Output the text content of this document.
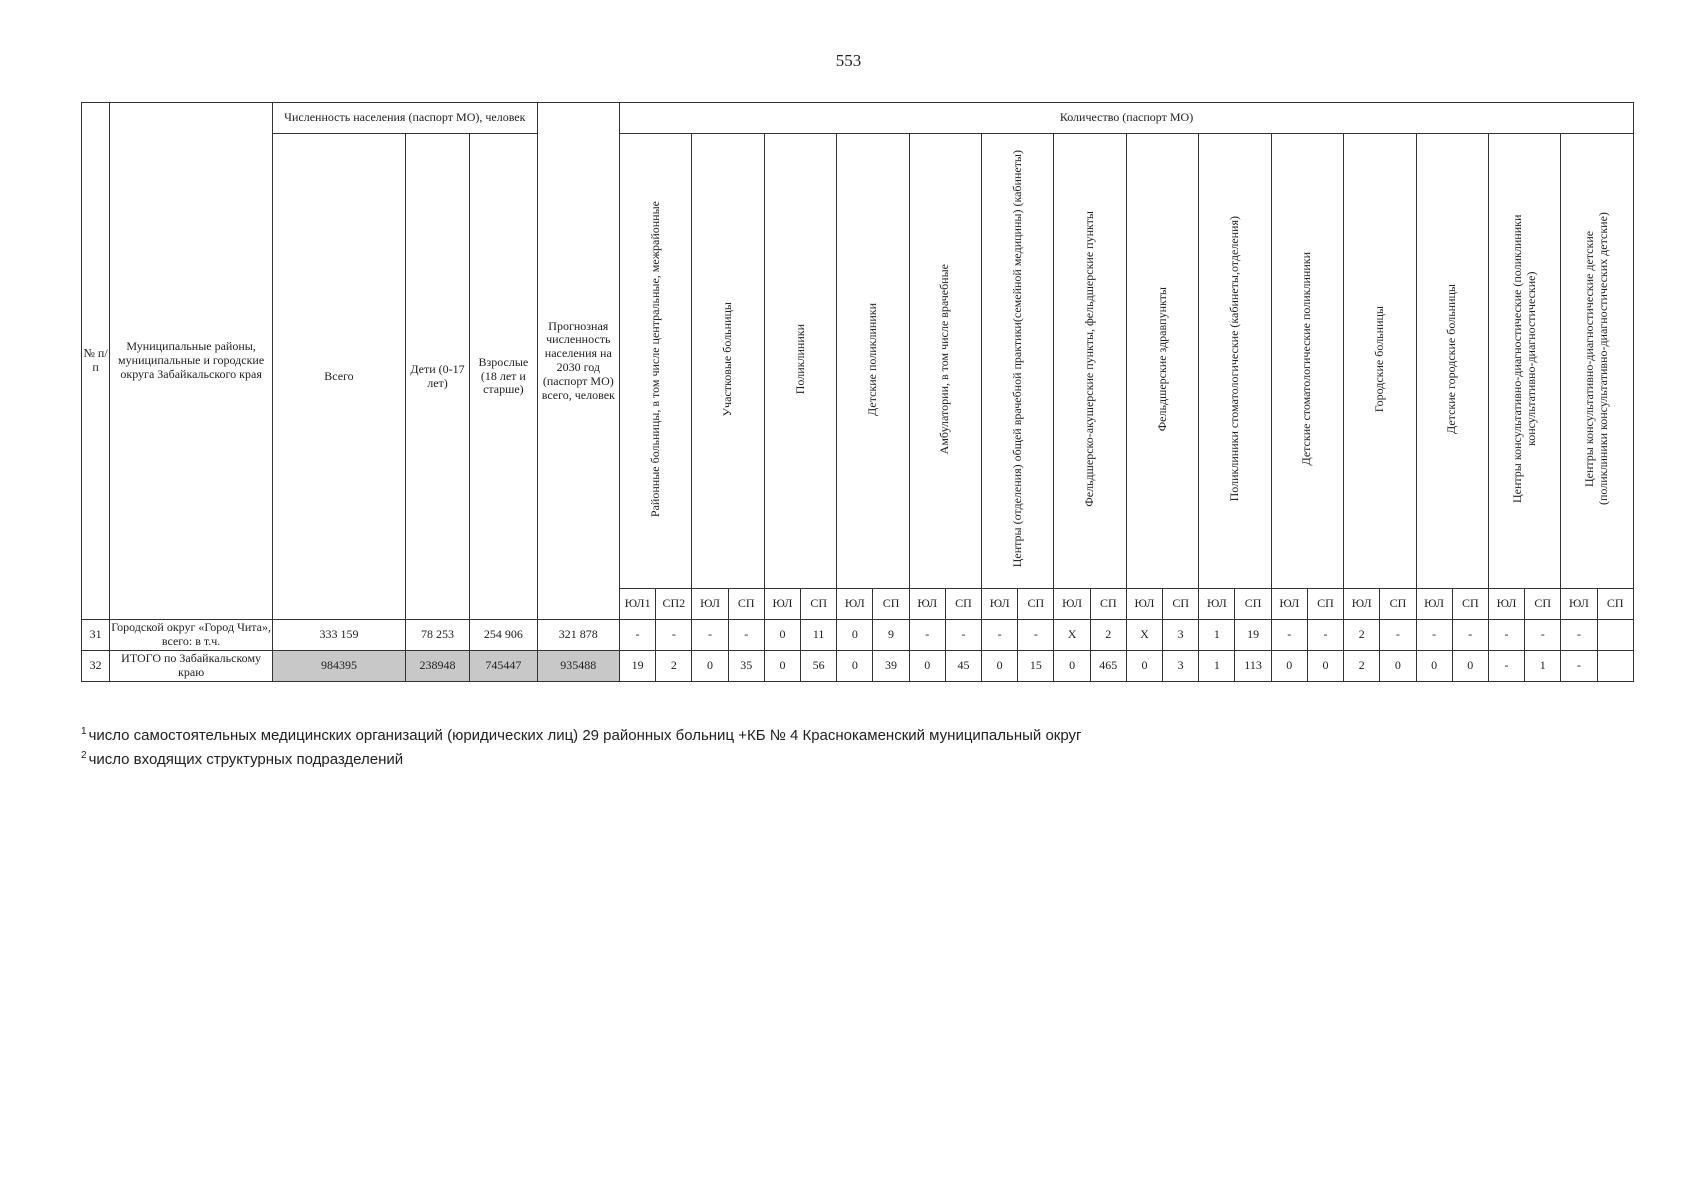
553
№ п/п	Муниципальные районы, муниципальные и городские округа Забайкальского края	Численность населения (паспорт МО), человек			Прогнозная численность населения на 2030 год (паспорт МО) всего, человек	Количество (паспорт МО)																											
		Всего	Дети (0-17 лет)	Взрослые (18 лет и старше)		Районные больницы, в том числе центральные, межрайонные		Участковые больницы		Поликлиники		Детские поликлиники		Амбулатории, в том числе врачебные		Центры (отделения) общей врачебной практики(семейной медицины) (кабинеты)		Фельдшерско-акушерские пункты, фельдшерские пункты		Фельдшерские здравпункты		Поликлиники стоматологические (кабинеты,отделения)		Детские стоматологические поликлиники		Городские больницы		Детские городские больницы		Центры консультативно-диагностические (поликлиники консультативно-диагностические)		Центры консультативно-диагностические детские (поликлиники консультативно-диагностических детские)	
						ЮЛ1	СП2	ЮЛ	СП	ЮЛ	СП	ЮЛ	СП	ЮЛ	СП	ЮЛ	СП	ЮЛ	СП	ЮЛ	СП	ЮЛ	СП	ЮЛ	СП	ЮЛ	СП	ЮЛ	СП	ЮЛ	СП	ЮЛ	СП
31	Городской округ «Город Чита», всего: в т.ч.	333 159	78 253	254 906	321 878	-	-	-	-	0	11	0	9	-	-	-	-	X	2	X	3	1	19	-	-	2	-	-	-	-	-	-	
32	ИТОГО по Забайкальскому краю	984395	238948	745447	935488	19	2	0	35	0	56	0	39	0	45	0	15	0	465	0	3	1	113	0	0	2	0	0	0	-	1	-	
$^1$ число самостоятельных медицинских организаций (юридических лиц) 29 районных больниц +КБ № 4 Краснокаменский муниципальный округ
$^2$ число входящих структурных подразделений
